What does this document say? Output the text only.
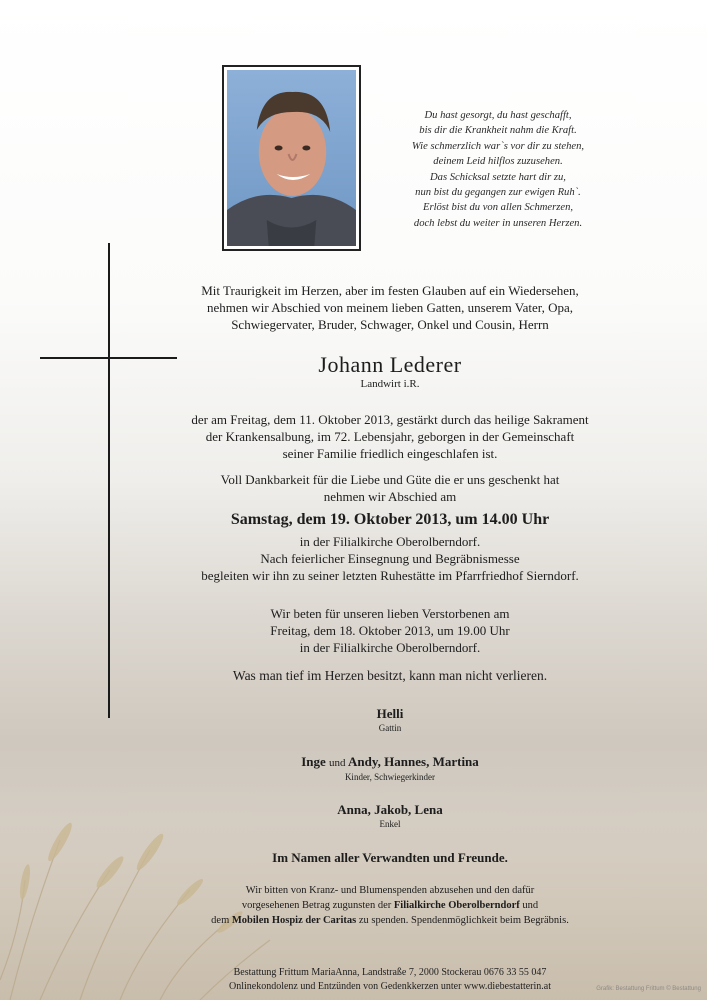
Du hast gesorgt, du hast geschafft,
bis dir die Krankheit nahm die Kraft.
Wie schmerzlich war`s vor dir zu stehen,
deinem Leid hilflos zuzusehen.
Das Schicksal setzte hart dir zu,
nun bist du gegangen zur ewigen Ruh`.
Erlöst bist du von allen Schmerzen,
doch lebst du weiter in unseren Herzen.
Mit Traurigkeit im Herzen, aber im festen Glauben auf ein Wiedersehen,
nehmen wir Abschied von meinem lieben Gatten, unserem Vater, Opa,
Schwiegervater, Bruder, Schwager, Onkel und Cousin, Herrn
Johann Lederer
Landwirt i.R.
der am Freitag, dem 11. Oktober 2013, gestärkt durch das heilige Sakrament
der Krankensalbung, im 72. Lebensjahr, geborgen in der Gemeinschaft
seiner Familie friedlich eingeschlafen ist.
Voll Dankbarkeit für die Liebe und Güte die er uns geschenkt hat
nehmen wir Abschied am
Samstag, dem 19. Oktober 2013, um 14.00 Uhr
in der Filialkirche Oberolberndorf.
Nach feierlicher Einsegnung und Begräbnismesse
begleiten wir ihn zu seiner letzten Ruhestätte im Pfarrfriedhof Sierndorf.
Wir beten für unseren lieben Verstorbenen am
Freitag, dem 18. Oktober 2013, um 19.00 Uhr
in der Filialkirche Oberolberndorf.
Was man tief im Herzen besitzt, kann man nicht verlieren.
Helli
Gattin
Inge und Andy, Hannes, Martina
Kinder, Schwiegerkinder
Anna, Jakob, Lena
Enkel
Im Namen aller Verwandten und Freunde.
Wir bitten von Kranz- und Blumenspenden abzusehen und den dafür
vorgesehenen Betrag zugunsten der Filialkirche Oberolberndorf und
dem Mobilen Hospiz der Caritas zu spenden. Spendenmöglichkeit beim Begräbnis.
Bestattung Frittum MariaAnna, Landstraße 7, 2000 Stockerau 0676 33 55 047
Onlinekondolenz und Entzünden von Gedenkkerzen unter www.diebestatterin.at	Grafik: Bestattung Frittum © Bestattung
